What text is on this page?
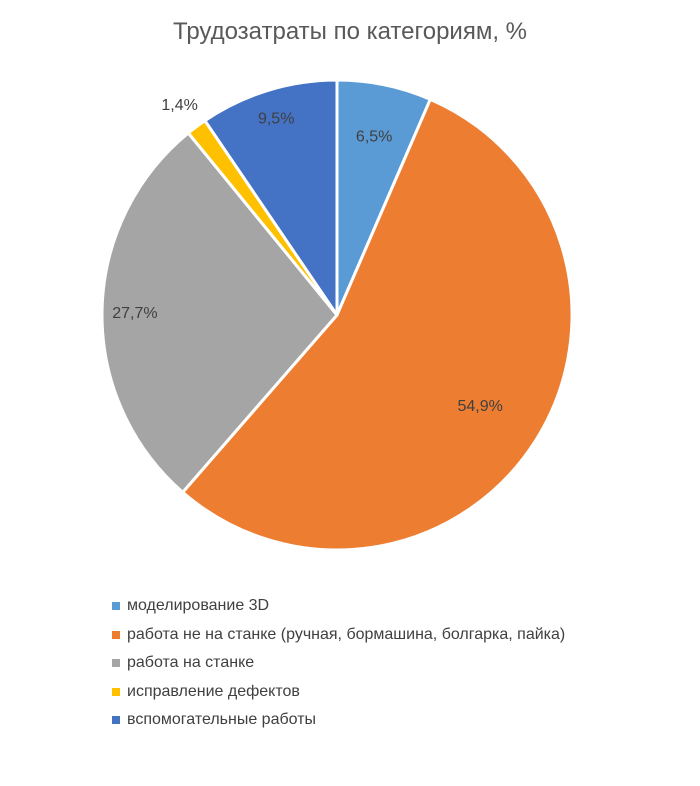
Трудозатраты по категориям, %
6,5%
54,9%
27,7%
1,4%
9,5%
моделирование 3D
работа не на станке (ручная, бормашина, болгарка, пайка)
работа на станке
исправление дефектов
вспомогательные работы
